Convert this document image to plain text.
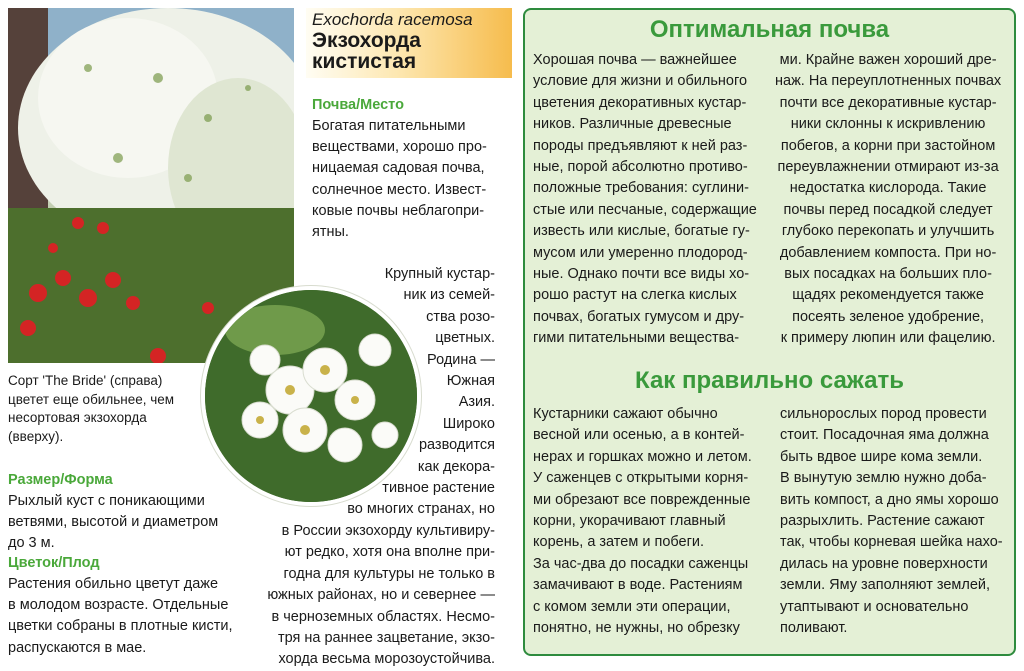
Exochorda racemosa
Экзохорда
кистистая
Почва/Место
Богатая питательными
веществами, хорошо про-
ницаемая садовая почва,
солнечное место. Извест-
ковые почвы неблагопри-
ятны.
Крупный кустар-
ник из семей-
ства розо-
цветных.
Родина —
Южная
Азия.
Широко
разводится
как декора-
тивное растение
во многих странах, но
в России экзохорду культивиру-
ют редко, хотя она вполне при-
годна для культуры не только в
южных районах, но и севернее —
в черноземных областях. Несмо-
тря на раннее зацветание, экзо-
хорда весьма морозоустойчива.
Сорт 'The Bride' (справа)
цветет еще обильнее, чем
несортовая экзохорда
(вверху).
Размер/Форма
Рыхлый куст с поникающими
ветвями, высотой и диаметром
до 3 м.
Цветок/Плод
Растения обильно цветут даже
в молодом возрасте. Отдельные
цветки собраны в плотные кисти,
распускаются в мае.
Оптимальная почва
Хорошая почва — важнейшее
условие для жизни и обильного
цветения декоративных кустар-
ников. Различные древесные
породы предъявляют к ней раз-
ные, порой абсолютно противо-
положные требования: суглини-
стые или песчаные, содержащие
известь или кислые, богатые гу-
мусом или умеренно плодород-
ные. Однако почти все виды хо-
рошо растут на слегка кислых
почвах, богатых гумусом и дру-
гими питательными вещества-
ми. Крайне важен хороший дре-
наж. На переуплотненных почвах
почти все декоративные кустар-
ники склонны к искривлению
побегов, а корни при застойном
переувлажнении отмирают из-за
недостатка кислорода. Такие
почвы перед посадкой следует
глубоко перекопать и улучшить
добавлением компоста. При но-
вых посадках на больших пло-
щадях рекомендуется также
посеять зеленое удобрение,
к примеру люпин или фацелию.
Как правильно сажать
Кустарники сажают обычно
весной или осенью, а в контей-
нерах и горшках можно и летом.
У саженцев с открытыми корня-
ми обрезают все поврежденные
корни, укорачивают главный
корень, а затем и побеги.
За час-два до посадки саженцы
замачивают в воде. Растениям
с комом земли эти операции,
понятно, не нужны, но обрезку
сильнорослых пород провести
стоит. Посадочная яма должна
быть вдвое шире кома земли.
В вынутую землю нужно доба-
вить компост, а дно ямы хорошо
разрыхлить. Растение сажают
так, чтобы корневая шейка нахо-
дилась на уровне поверхности
земли. Яму заполняют землей,
утаптывают и основательно
поливают.
